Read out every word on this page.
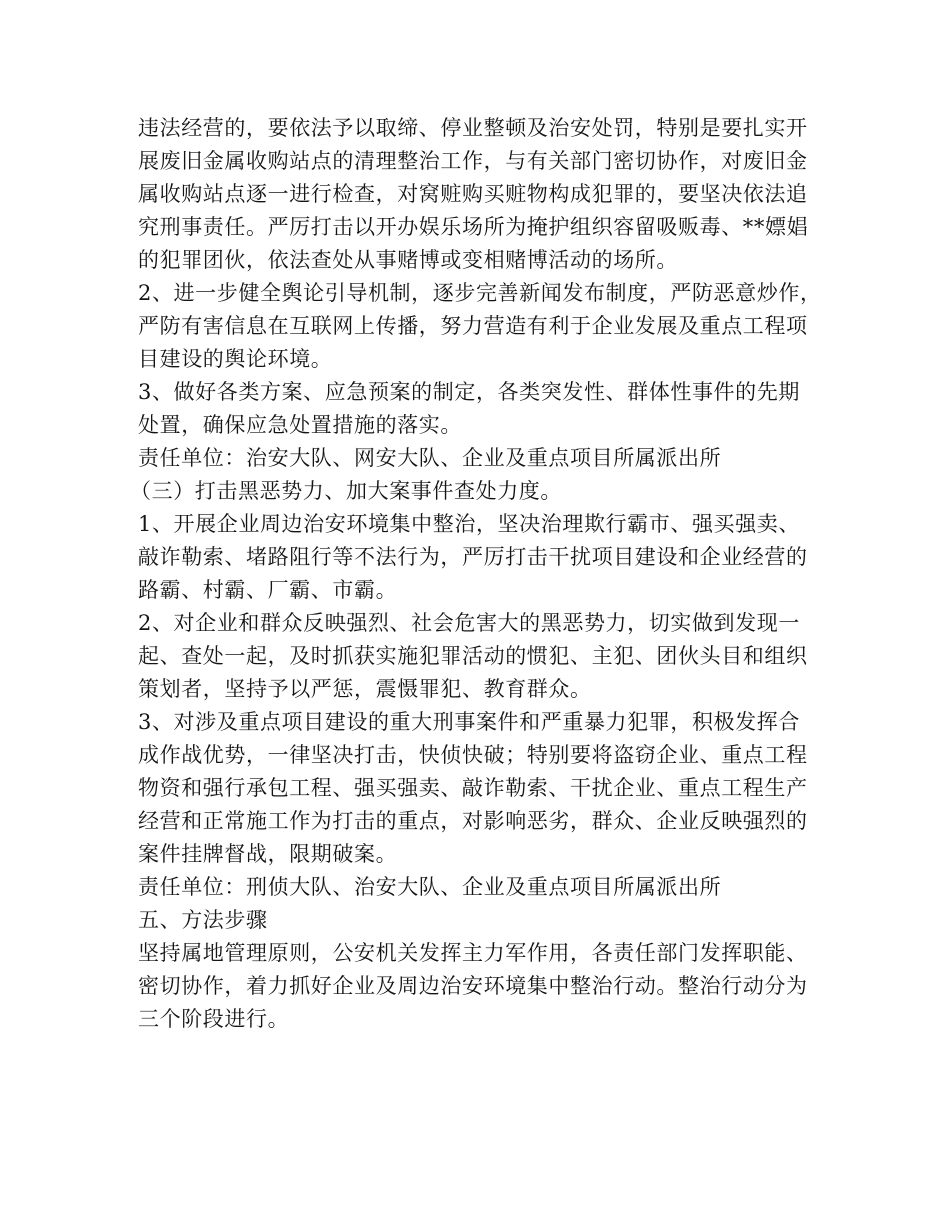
违法经营的，要依法予以取缔、停业整顿及治安处罚，特别是要扎实开
展废旧金属收购站点的清理整治工作，与有关部门密切协作，对废旧金
属收购站点逐一进行检查，对窝赃购买赃物构成犯罪的，要坚决依法追
究刑事责任。严厉打击以开办娱乐场所为掩护组织容留吸贩毒、**嫖娼
的犯罪团伙，依法查处从事赌博或变相赌博活动的场所。
2、进一步健全舆论引导机制，逐步完善新闻发布制度，严防恶意炒作，
严防有害信息在互联网上传播，努力营造有利于企业发展及重点工程项
目建设的舆论环境。
3、做好各类方案、应急预案的制定，各类突发性、群体性事件的先期
处置，确保应急处置措施的落实。
责任单位：治安大队、网安大队、企业及重点项目所属派出所
（三）打击黑恶势力、加大案事件查处力度。
1、开展企业周边治安环境集中整治，坚决治理欺行霸市、强买强卖、
敲诈勒索、堵路阻行等不法行为，严厉打击干扰项目建设和企业经营的
路霸、村霸、厂霸、市霸。
2、对企业和群众反映强烈、社会危害大的黑恶势力，切实做到发现一
起、查处一起，及时抓获实施犯罪活动的惯犯、主犯、团伙头目和组织
策划者，坚持予以严惩，震慑罪犯、教育群众。
3、对涉及重点项目建设的重大刑事案件和严重暴力犯罪，积极发挥合
成作战优势，一律坚决打击，快侦快破；特别要将盗窃企业、重点工程
物资和强行承包工程、强买强卖、敲诈勒索、干扰企业、重点工程生产
经营和正常施工作为打击的重点，对影响恶劣，群众、企业反映强烈的
案件挂牌督战，限期破案。
责任单位：刑侦大队、治安大队、企业及重点项目所属派出所
五、方法步骤
坚持属地管理原则，公安机关发挥主力军作用，各责任部门发挥职能、
密切协作，着力抓好企业及周边治安环境集中整治行动。整治行动分为
三个阶段进行。
